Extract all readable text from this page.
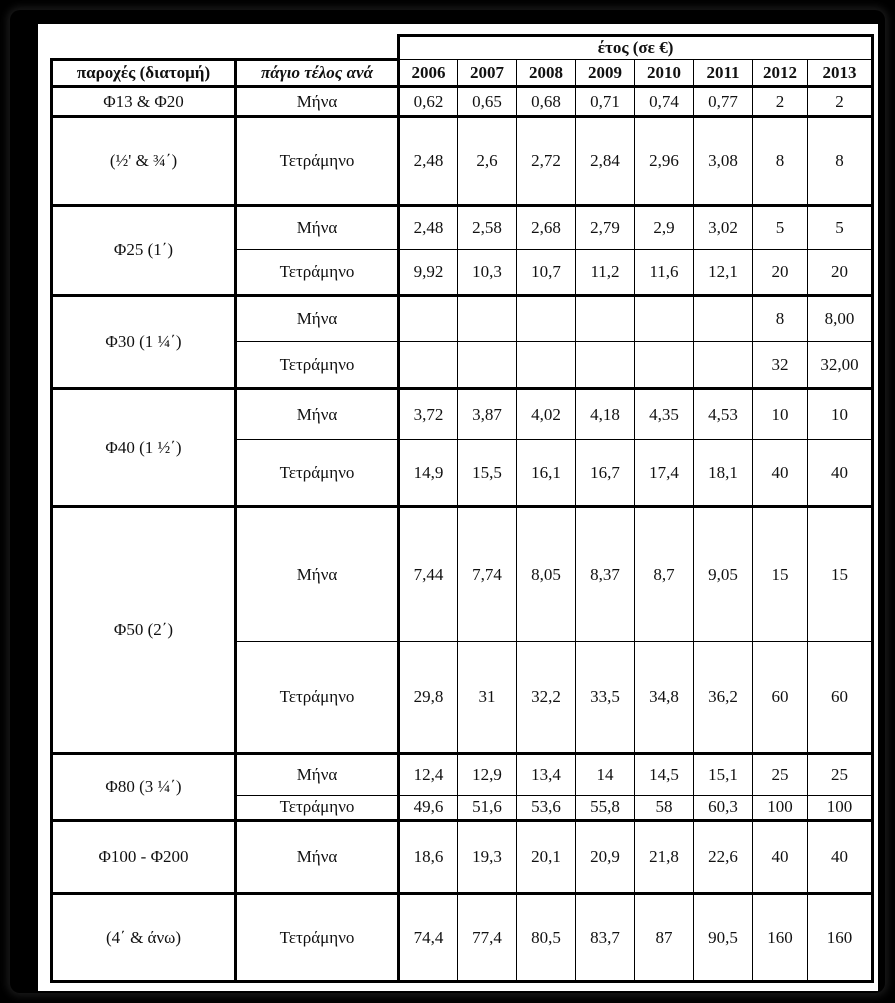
		έτος (σε €)							
παροχές (διατομή)	πάγιο τέλος ανά	2006	2007	2008	2009	2010	2011	2012	2013
Φ13 & Φ20	Μήνα	0,62	0,65	0,68	0,71	0,74	0,77	2	2
(½' & ¾΄)	Τετράμηνο	2,48	2,6	2,72	2,84	2,96	3,08	8	8
Φ25 (1΄)	Μήνα	2,48	2,58	2,68	2,79	2,9	3,02	5	5
	Τετράμηνο	9,92	10,3	10,7	11,2	11,6	12,1	20	20
Φ30 (1 ¼΄)	Μήνα							8	8,00
	Τετράμηνο							32	32,00
Φ40 (1 ½΄)	Μήνα	3,72	3,87	4,02	4,18	4,35	4,53	10	10
	Τετράμηνο	14,9	15,5	16,1	16,7	17,4	18,1	40	40
Φ50 (2΄)	Μήνα	7,44	7,74	8,05	8,37	8,7	9,05	15	15
	Τετράμηνο	29,8	31	32,2	33,5	34,8	36,2	60	60
Φ80 (3 ¼΄)	Μήνα	12,4	12,9	13,4	14	14,5	15,1	25	25
	Τετράμηνο	49,6	51,6	53,6	55,8	58	60,3	100	100
Φ100 - Φ200	Μήνα	18,6	19,3	20,1	20,9	21,8	22,6	40	40
(4΄ & άνω)	Τετράμηνο	74,4	77,4	80,5	83,7	87	90,5	160	160
